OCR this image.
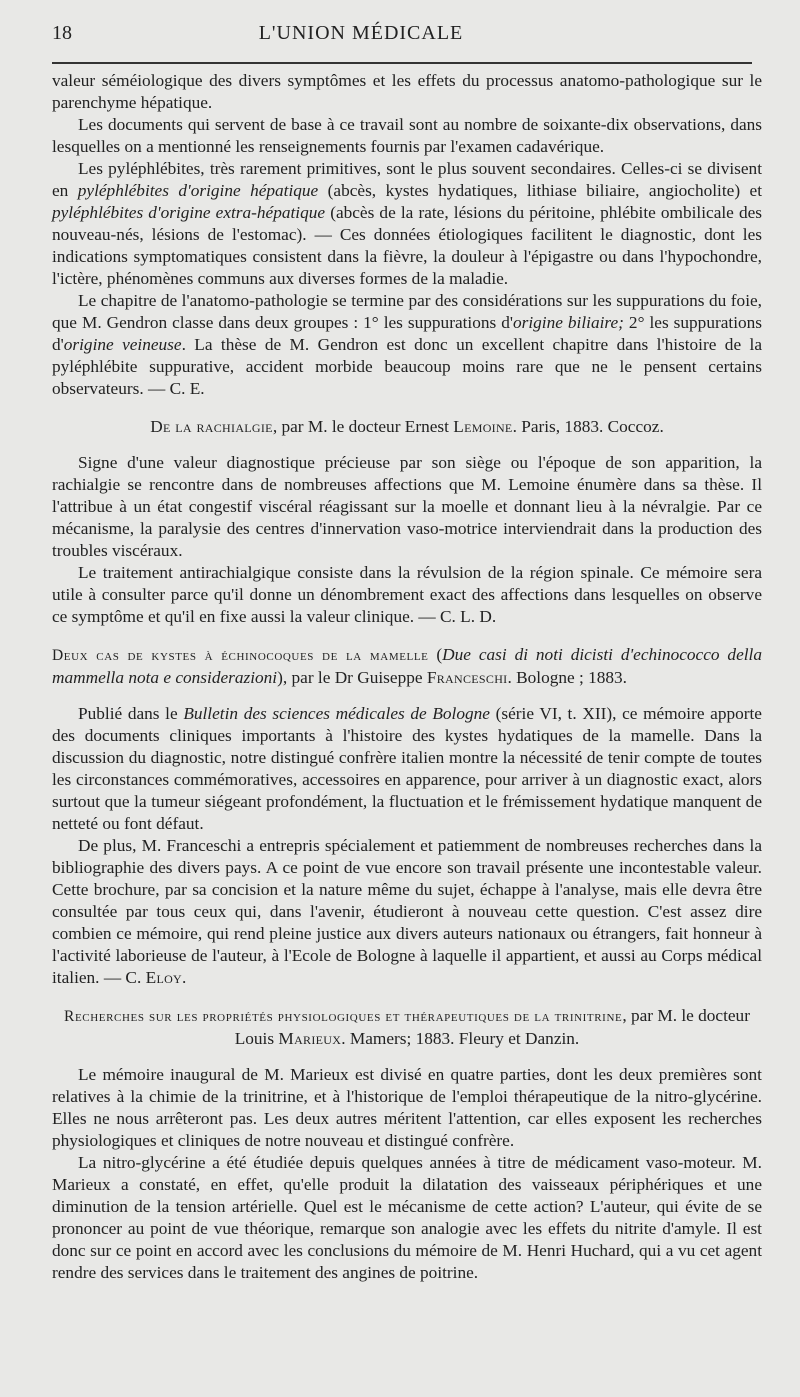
18	L'UNION MÉDICALE

valeur séméiologique des divers symptômes et les effets du processus anatomo-pathologique sur le parenchyme hépatique.

Les documents qui servent de base à ce travail sont au nombre de soixante-dix observations, dans lesquelles on a mentionné les renseignements fournis par l'examen cadavérique.

Les pyléphlébites, très rarement primitives, sont le plus souvent secondaires. Celles-ci se divisent en pyléphlébites d'origine hépatique (abcès, kystes hydatiques, lithiase biliaire, angiocholite) et pyléphlébites d'origine extra-hépatique (abcès de la rate, lésions du péritoine, phlébite ombilicale des nouveau-nés, lésions de l'estomac). — Ces données étiologiques facilitent le diagnostic, dont les indications symptomatiques consistent dans la fièvre, la douleur à l'épigastre ou dans l'hypochondre, l'ictère, phénomènes communs aux diverses formes de la maladie.

Le chapitre de l'anatomo-pathologie se termine par des considérations sur les suppurations du foie, que M. Gendron classe dans deux groupes : 1° les suppurations d'origine biliaire; 2° les suppurations d'origine veineuse. La thèse de M. Gendron est donc un excellent chapitre dans l'histoire de la pyléphlébite suppurative, accident morbide beaucoup moins rare que ne le pensent certains observateurs. — C. E.

De la rachialgie, par M. le docteur Ernest Lemoine. Paris, 1883. Coccoz.

Signe d'une valeur diagnostique précieuse par son siège ou l'époque de son apparition, la rachialgie se rencontre dans de nombreuses affections que M. Lemoine énumère dans sa thèse. Il l'attribue à un état congestif viscéral réagissant sur la moelle et donnant lieu à la névralgie. Par ce mécanisme, la paralysie des centres d'innervation vaso-motrice interviendrait dans la production des troubles viscéraux.

Le traitement antirachialgique consiste dans la révulsion de la région spinale. Ce mémoire sera utile à consulter parce qu'il donne un dénombrement exact des affections dans lesquelles on observe ce symptôme et qu'il en fixe aussi la valeur clinique. — C. L. D.

Deux cas de kystes à échinocoques de la mamelle (Due casi di noti dicisti d'echinococco della mammella nota e considerazioni), par le Dr Guiseppe Franceschi. Bologne ; 1883.

Publié dans le Bulletin des sciences médicales de Bologne (série VI, t. XII), ce mémoire apporte des documents cliniques importants à l'histoire des kystes hydatiques de la mamelle. Dans la discussion du diagnostic, notre distingué confrère italien montre la nécessité de tenir compte de toutes les circonstances commémoratives, accessoires en apparence, pour arriver à un diagnostic exact, alors surtout que la tumeur siégeant profondément, la fluctuation et le frémissement hydatique manquent de netteté ou font défaut.

De plus, M. Franceschi a entrepris spécialement et patiemment de nombreuses recherches dans la bibliographie des divers pays. A ce point de vue encore son travail présente une incontestable valeur. Cette brochure, par sa concision et la nature même du sujet, échappe à l'analyse, mais elle devra être consultée par tous ceux qui, dans l'avenir, étudieront à nouveau cette question. C'est assez dire combien ce mémoire, qui rend pleine justice aux divers auteurs nationaux ou étrangers, fait honneur à l'activité laborieuse de l'auteur, à l'Ecole de Bologne à laquelle il appartient, et aussi au Corps médical italien. — C. Eloy.

Recherches sur les propriétés physiologiques et thérapeutiques de la trinitrine, par M. le docteur Louis Marieux. Mamers; 1883. Fleury et Danzin.

Le mémoire inaugural de M. Marieux est divisé en quatre parties, dont les deux premières sont relatives à la chimie de la trinitrine, et à l'historique de l'emploi thérapeutique de la nitro-glycérine. Elles ne nous arrêteront pas. Les deux autres méritent l'attention, car elles exposent les recherches physiologiques et cliniques de notre nouveau et distingué confrère.

La nitro-glycérine a été étudiée depuis quelques années à titre de médicament vaso-moteur. M. Marieux a constaté, en effet, qu'elle produit la dilatation des vaisseaux périphériques et une diminution de la tension artérielle. Quel est le mécanisme de cette action? L'auteur, qui évite de se prononcer au point de vue théorique, remarque son analogie avec les effets du nitrite d'amyle. Il est donc sur ce point en accord avec les conclusions du mémoire de M. Henri Huchard, qui a vu cet agent rendre des services dans le traitement des angines de poitrine.
